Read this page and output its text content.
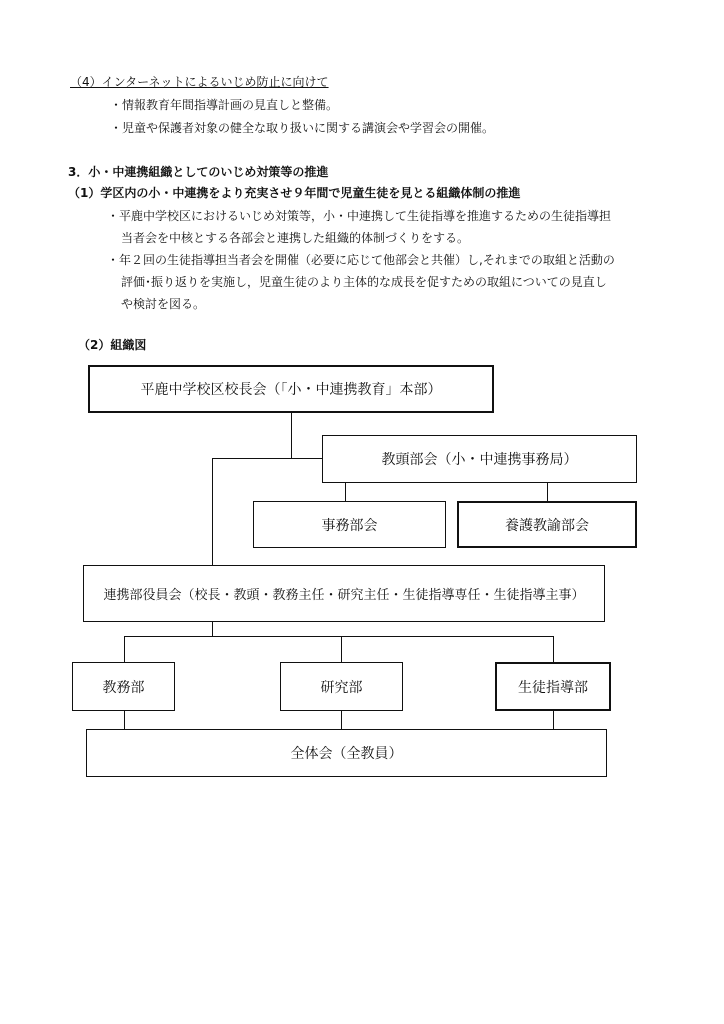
（4）インターネットによるいじめ防止に向けて
・情報教育年間指導計画の見直しと整備。
・児童や保護者対象の健全な取り扱いに関する講演会や学習会の開催。
3．小・中連携組織としてのいじめ対策等の推進
（1）学区内の小・中連携をより充実させ９年間で児童生徒を見とる組織体制の推進
・平鹿中学校区におけるいじめ対策等，小・中連携して生徒指導を推進するための生徒指導担
当者会を中核とする各部会と連携した組織的体制づくりをする。
・年２回の生徒指導担当者会を開催（必要に応じて他部会と共催）し,それまでの取組と活動の
評価･振り返りを実施し，児童生徒のより主体的な成長を促すための取組についての見直し
や検討を図る。
（2）組織図
平鹿中学校区校長会（「小・中連携教育」本部）
教頭部会（小・中連携事務局）
事務部会	養護教諭部会
連携部役員会（校長・教頭・教務主任・研究主任・生徒指導専任・生徒指導主事）
教務部	研究部	生徒指導部
全体会（全教員）
